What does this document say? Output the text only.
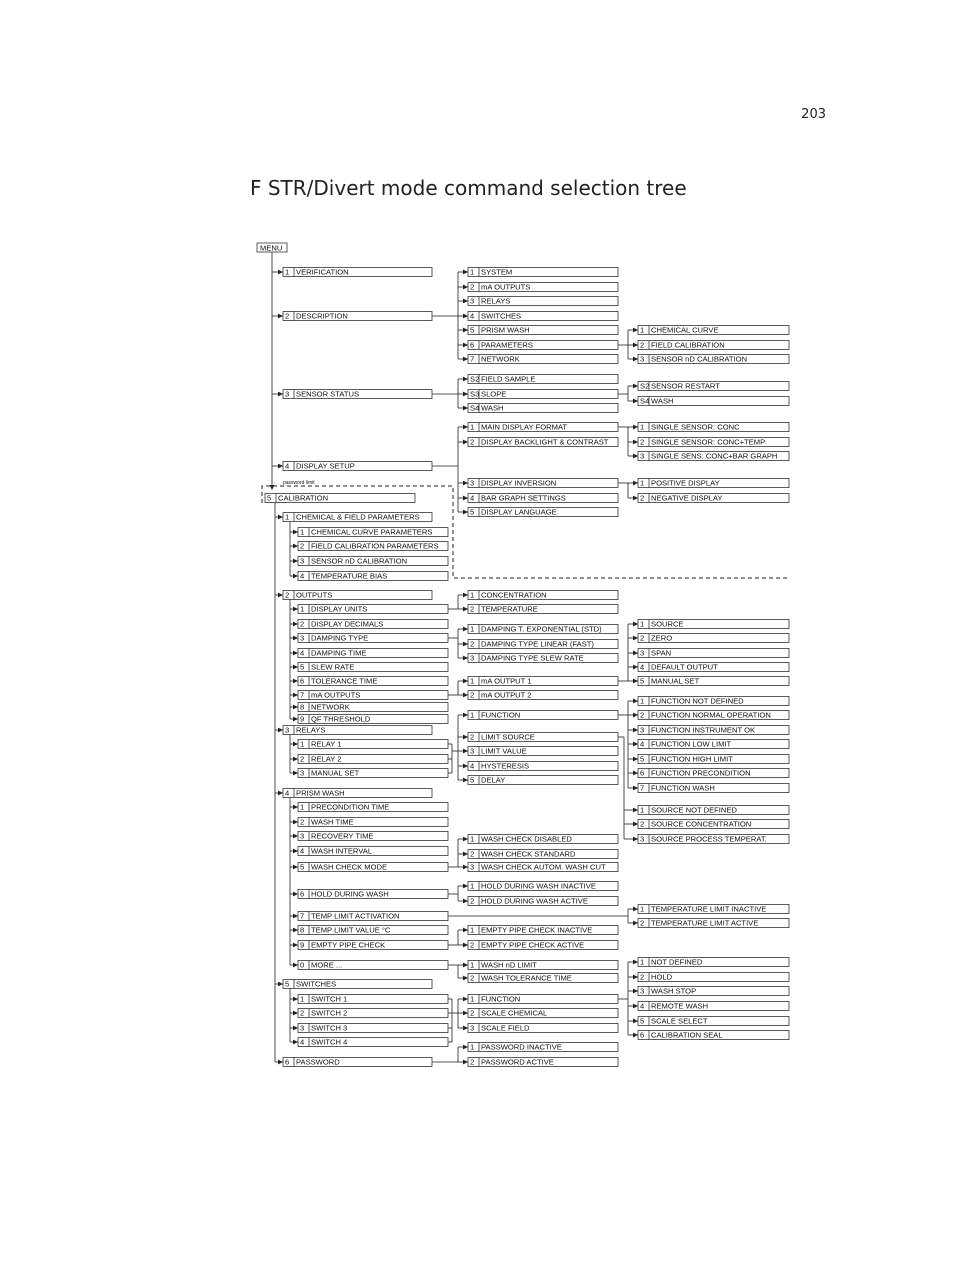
203
F STR/Divert mode command selection tree
MENU
password limit
1 VERIFICATION
2 DESCRIPTION
3 SENSOR STATUS
4 DISPLAY SETUP
5 CALIBRATION
1 CHEMICAL & FIELD PARAMETERS
1 CHEMICAL CURVE PARAMETERS
2 FIELD CALIBRATION PARAMETERS
3 SENSOR nD CALIBRATION
4 TEMPERATURE BIAS
2 OUTPUTS
1 DISPLAY UNITS
2 DISPLAY DECIMALS
3 DAMPING TYPE
4 DAMPING TIME
5 SLEW RATE
6 TOLERANCE TIME
7 mA OUTPUTS
8 NETWORK
9 QF THRESHOLD
3 RELAYS
1 RELAY 1
2 RELAY 2
3 MANUAL SET
4 PRISM WASH
1 PRECONDITION TIME
2 WASH TIME
3 RECOVERY TIME
4 WASH INTERVAL
5 WASH CHECK MODE
6 HOLD DURING WASH
7 TEMP LIMIT ACTIVATION
8 TEMP LIMIT VALUE °C
9 EMPTY PIPE CHECK
0 MORE ...
5 SWITCHES
1 SWITCH 1
2 SWITCH 2
3 SWITCH 3
4 SWITCH 4
6 PASSWORD
1 SYSTEM
2 mA OUTPUTS
3 RELAYS
4 SWITCHES
5 PRISM WASH
6 PARAMETERS
7 NETWORK
S2 FIELD SAMPLE
S3 SLOPE
S4 WASH
1 MAIN DISPLAY FORMAT
2 DISPLAY BACKLIGHT & CONTRAST
3 DISPLAY INVERSION
4 BAR GRAPH SETTINGS
5 DISPLAY LANGUAGE
1 CONCENTRATION
2 TEMPERATURE
1 DAMPING T. EXPONENTIAL (STD)
2 DAMPING TYPE LINEAR (FAST)
3 DAMPING TYPE SLEW RATE
1 mA OUTPUT 1
2 mA OUTPUT 2
1 FUNCTION
2 LIMIT SOURCE
3 LIMIT VALUE
4 HYSTERESIS
5 DELAY
1 WASH CHECK DISABLED
2 WASH CHECK STANDARD
3 WASH CHECK AUTOM. WASH CUT
1 HOLD DURING WASH INACTIVE
2 HOLD DURING WASH ACTIVE
1 EMPTY PIPE CHECK INACTIVE
2 EMPTY PIPE CHECK ACTIVE
1 WASH nD LIMIT
2 WASH TOLERANCE TIME
1 FUNCTION
2 SCALE CHEMICAL
3 SCALE FIELD
1 PASSWORD INACTIVE
2 PASSWORD ACTIVE
1 CHEMICAL CURVE
2 FIELD CALIBRATION
3 SENSOR nD CALIBRATION
S2 SENSOR RESTART
S4 WASH
1 SINGLE SENSOR: CONC
2 SINGLE SENSOR: CONC+TEMP
3 SINGLE SENS: CONC+BAR GRAPH
1 POSITIVE DISPLAY
2 NEGATIVE DISPLAY
1 SOURCE
2 ZERO
3 SPAN
4 DEFAULT OUTPUT
5 MANUAL SET
1 FUNCTION NOT DEFINED
2 FUNCTION NORMAL OPERATION
3 FUNCTION INSTRUMENT OK
4 FUNCTION LOW LIMIT
5 FUNCTION HIGH LIMIT
6 FUNCTION PRECONDITION
7 FUNCTION WASH
1 SOURCE NOT DEFINED
2 SOURCE CONCENTRATION
3 SOURCE PROCESS TEMPERAT.
1 TEMPERATURE LIMIT INACTIVE
2 TEMPERATURE LIMIT ACTIVE
1 NOT DEFINED
2 HOLD
3 WASH STOP
4 REMOTE WASH
5 SCALE SELECT
6 CALIBRATION SEAL
